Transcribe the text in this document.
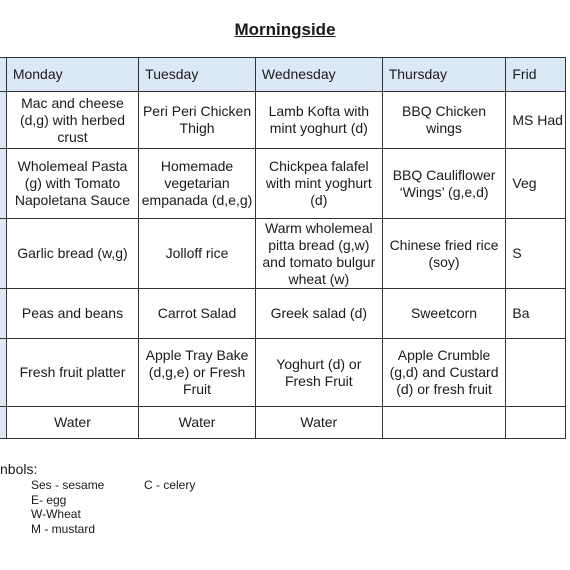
Morningside
	Monday	Tuesday	Wednesday	Thursday	Frid
	Mac and cheese (d,g) with herbed crust	Peri Peri Chicken Thigh	Lamb Kofta with mint yoghurt (d)	BBQ Chicken wings	MS Had
	Wholemeal Pasta (g) with Tomato Napoletana Sauce	Homemade vegetarian empanada (d,e,g)	Chickpea falafel with mint yoghurt (d)	BBQ Cauliflower ‘Wings’ (g,e,d)	Veg
	Garlic bread (w,g)	Jolloff rice	Warm wholemeal pitta bread (g,w) and tomato bulgur wheat (w)	Chinese fried rice (soy)	S
	Peas and beans	Carrot Salad	Greek salad (d)	Sweetcorn	Ba
	Fresh fruit platter	Apple Tray Bake (d,g,e) or Fresh Fruit	Yoghurt (d) or Fresh Fruit	Apple Crumble (g,d) and Custard (d) or fresh fruit	
	Water	Water	Water		
nbols:
Ses - sesame	C - celery
E- egg
W-Wheat
M - mustard
